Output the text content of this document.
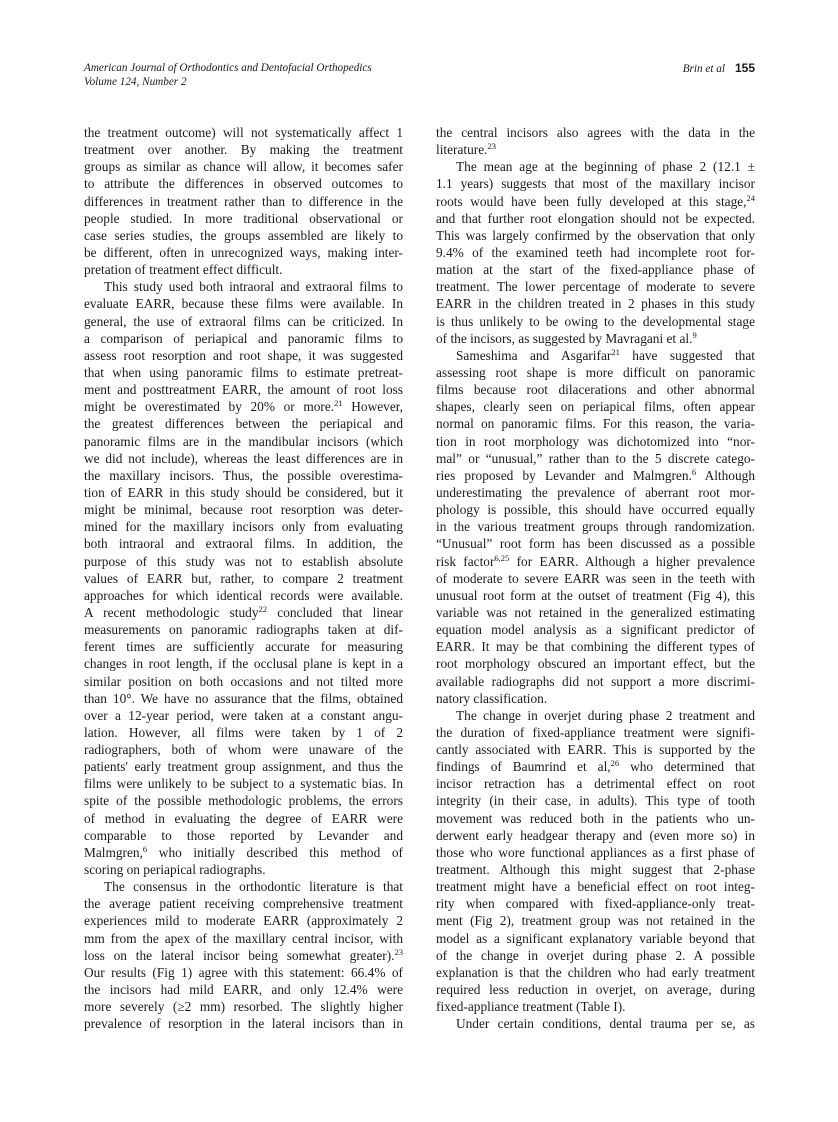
American Journal of Orthodontics and Dentofacial Orthopedics
Volume 124, Number 2
Brin et al 155
the treatment outcome) will not systematically affect 1
treatment over another. By making the treatment
groups as similar as chance will allow, it becomes safer
to attribute the differences in observed outcomes to
differences in treatment rather than to difference in the
people studied. In more traditional observational or
case series studies, the groups assembled are likely to
be different, often in unrecognized ways, making inter-
pretation of treatment effect difficult.
This study used both intraoral and extraoral films to
evaluate EARR, because these films were available. In
general, the use of extraoral films can be criticized. In
a comparison of periapical and panoramic films to
assess root resorption and root shape, it was suggested
that when using panoramic films to estimate pretreat-
ment and posttreatment EARR, the amount of root loss
might be overestimated by 20% or more.$^{21}$ However,
the greatest differences between the periapical and
panoramic films are in the mandibular incisors (which
we did not include), whereas the least differences are in
the maxillary incisors. Thus, the possible overestima-
tion of EARR in this study should be considered, but it
might be minimal, because root resorption was deter-
mined for the maxillary incisors only from evaluating
both intraoral and extraoral films. In addition, the
purpose of this study was not to establish absolute
values of EARR but, rather, to compare 2 treatment
approaches for which identical records were available.
A recent methodologic study$^{22}$ concluded that linear
measurements on panoramic radiographs taken at dif-
ferent times are sufficiently accurate for measuring
changes in root length, if the occlusal plane is kept in a
similar position on both occasions and not tilted more
than 10°. We have no assurance that the films, obtained
over a 12-year period, were taken at a constant angu-
lation. However, all films were taken by 1 of 2
radiographers, both of whom were unaware of the
patients' early treatment group assignment, and thus the
films were unlikely to be subject to a systematic bias. In
spite of the possible methodologic problems, the errors
of method in evaluating the degree of EARR were
comparable to those reported by Levander and
Malmgren,$^6$ who initially described this method of
scoring on periapical radiographs.
The consensus in the orthodontic literature is that
the average patient receiving comprehensive treatment
experiences mild to moderate EARR (approximately 2
mm from the apex of the maxillary central incisor, with
loss on the lateral incisor being somewhat greater).$^{23}$
Our results (Fig 1) agree with this statement: 66.4% of
the incisors had mild EARR, and only 12.4% were
more severely (≥2 mm) resorbed. The slightly higher
prevalence of resorption in the lateral incisors than in
the central incisors also agrees with the data in the
literature.$^{23}$
The mean age at the beginning of phase 2 (12.1 ±
1.1 years) suggests that most of the maxillary incisor
roots would have been fully developed at this stage,$^{24}$
and that further root elongation should not be expected.
This was largely confirmed by the observation that only
9.4% of the examined teeth had incomplete root for-
mation at the start of the fixed-appliance phase of
treatment. The lower percentage of moderate to severe
EARR in the children treated in 2 phases in this study
is thus unlikely to be owing to the developmental stage
of the incisors, as suggested by Mavragani et al.$^9$
Sameshima and Asgarifar$^{21}$ have suggested that
assessing root shape is more difficult on panoramic
films because root dilacerations and other abnormal
shapes, clearly seen on periapical films, often appear
normal on panoramic films. For this reason, the varia-
tion in root morphology was dichotomized into “nor-
mal” or “unusual,” rather than to the 5 discrete catego-
ries proposed by Levander and Malmgren.$^6$ Although
underestimating the prevalence of aberrant root mor-
phology is possible, this should have occurred equally
in the various treatment groups through randomization.
“Unusual” root form has been discussed as a possible
risk factor$^{6,25}$ for EARR. Although a higher prevalence
of moderate to severe EARR was seen in the teeth with
unusual root form at the outset of treatment (Fig 4), this
variable was not retained in the generalized estimating
equation model analysis as a significant predictor of
EARR. It may be that combining the different types of
root morphology obscured an important effect, but the
available radiographs did not support a more discrimi-
natory classification.
The change in overjet during phase 2 treatment and
the duration of fixed-appliance treatment were signifi-
cantly associated with EARR. This is supported by the
findings of Baumrind et al,$^{26}$ who determined that
incisor retraction has a detrimental effect on root
integrity (in their case, in adults). This type of tooth
movement was reduced both in the patients who un-
derwent early headgear therapy and (even more so) in
those who wore functional appliances as a first phase of
treatment. Although this might suggest that 2-phase
treatment might have a beneficial effect on root integ-
rity when compared with fixed-appliance-only treat-
ment (Fig 2), treatment group was not retained in the
model as a significant explanatory variable beyond that
of the change in overjet during phase 2. A possible
explanation is that the children who had early treatment
required less reduction in overjet, on average, during
fixed-appliance treatment (Table I).
Under certain conditions, dental trauma per se, as
